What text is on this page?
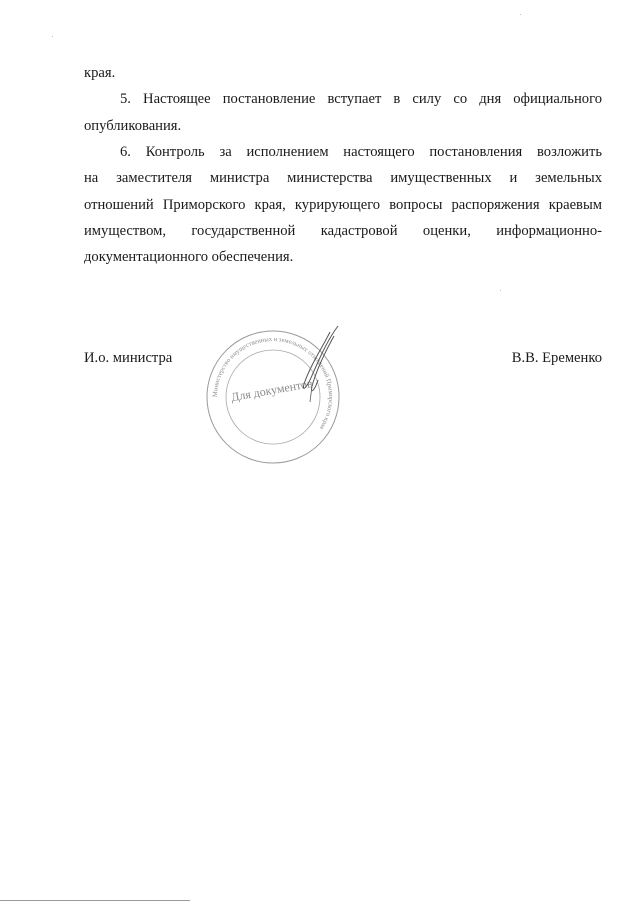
края.
5. Настоящее постановление вступает в силу со дня официального
опубликования.
6. Контроль за исполнением настоящего постановления возложить
на заместителя министра министерства имущественных и земельных
отношений Приморского края, курирующего вопросы распоряжения краевым
имуществом, государственной кадастровой оценки, информационно-
документационного обеспечения.
И.о. министра	В.В. Еременко
Министерство имущественных и земельных отношений Приморского края
Для документов
